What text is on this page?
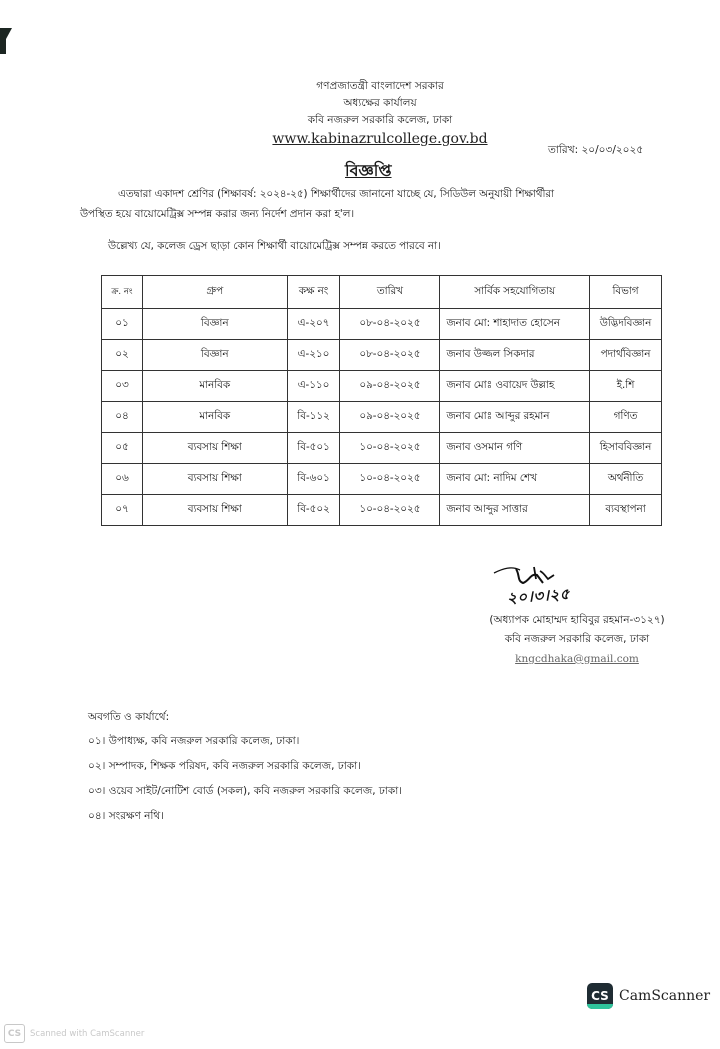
গণপ্রজাতন্ত্রী বাংলাদেশ সরকার
অধ্যক্ষের কার্যালয়
কবি নজরুল সরকারি কলেজ, ঢাকা
www.kabinazrulcollege.gov.bd
তারিখ: ২০/০৩/২০২৫
বিজ্ঞপ্তি
এতদ্বারা একাদশ শ্রেণির (শিক্ষাবর্ষ: ২০২৪-২৫) শিক্ষার্থীদের জানানো যাচ্ছে যে, সিডিউল অনুযায়ী শিক্ষার্থীরা
উপস্থিত হয়ে বায়োমেট্রিক্স সম্পন্ন করার জন্য নির্দেশ প্রদান করা হ'ল।
উল্লেখ্য যে, কলেজ ড্রেস ছাড়া কোন শিক্ষার্থী বায়োমেট্রিক্স সম্পন্ন করতে পারবে না।
ক্র. নং	গ্রুপ	কক্ষ নং	তারিখ	সার্বিক সহযোগিতায়	বিভাগ
০১	বিজ্ঞান	এ-২০৭	০৮-০৪-২০২৫	জনাব মো: শাহাদাত হোসেন	উদ্ভিদবিজ্ঞান
০২	বিজ্ঞান	এ-২১০	০৮-০৪-২০২৫	জনাব উজ্জল সিকদার	পদার্থবিজ্ঞান
০৩	মানবিক	এ-১১০	০৯-০৪-২০২৫	জনাব মোঃ ওবায়েদ উল্লাহ	ই.শি
০৪	মানবিক	বি-১১২	০৯-০৪-২০২৫	জনাব মোঃ আব্দুর রহমান	গণিত
০৫	ব্যবসায় শিক্ষা	বি-৫০১	১০-০৪-২০২৫	জনাব ওসমান গণি	হিসাববিজ্ঞান
০৬	ব্যবসায় শিক্ষা	বি-৬০১	১০-০৪-২০২৫	জনাব মো: নাদিম শেখ	অর্থনীতি
০৭	ব্যবসায় শিক্ষা	বি-৫০২	১০-০৪-২০২৫	জনাব আব্দুর সাত্তার	ব্যবস্থাপনা
২০।৩।২৫
(অধ্যাপক মোহাম্মদ হাবিবুর রহমান-৩১২৭)
কবি নজরুল সরকারি কলেজ, ঢাকা
kngcdhaka@gmail.com
অবগতি ও কার্যার্থে:
০১। উপাধ্যক্ষ, কবি নজরুল সরকারি কলেজ, ঢাকা।
০২। সম্পাদক, শিক্ষক পরিষদ, কবি নজরুল সরকারি কলেজ, ঢাকা।
০৩। ওয়েব সাইট/নোটিশ বোর্ড (সকল), কবি নজরুল সরকারি কলেজ, ঢাকা।
০৪। সংরক্ষণ নথি।
CS CamScanner
CS	Scanned with CamScanner
